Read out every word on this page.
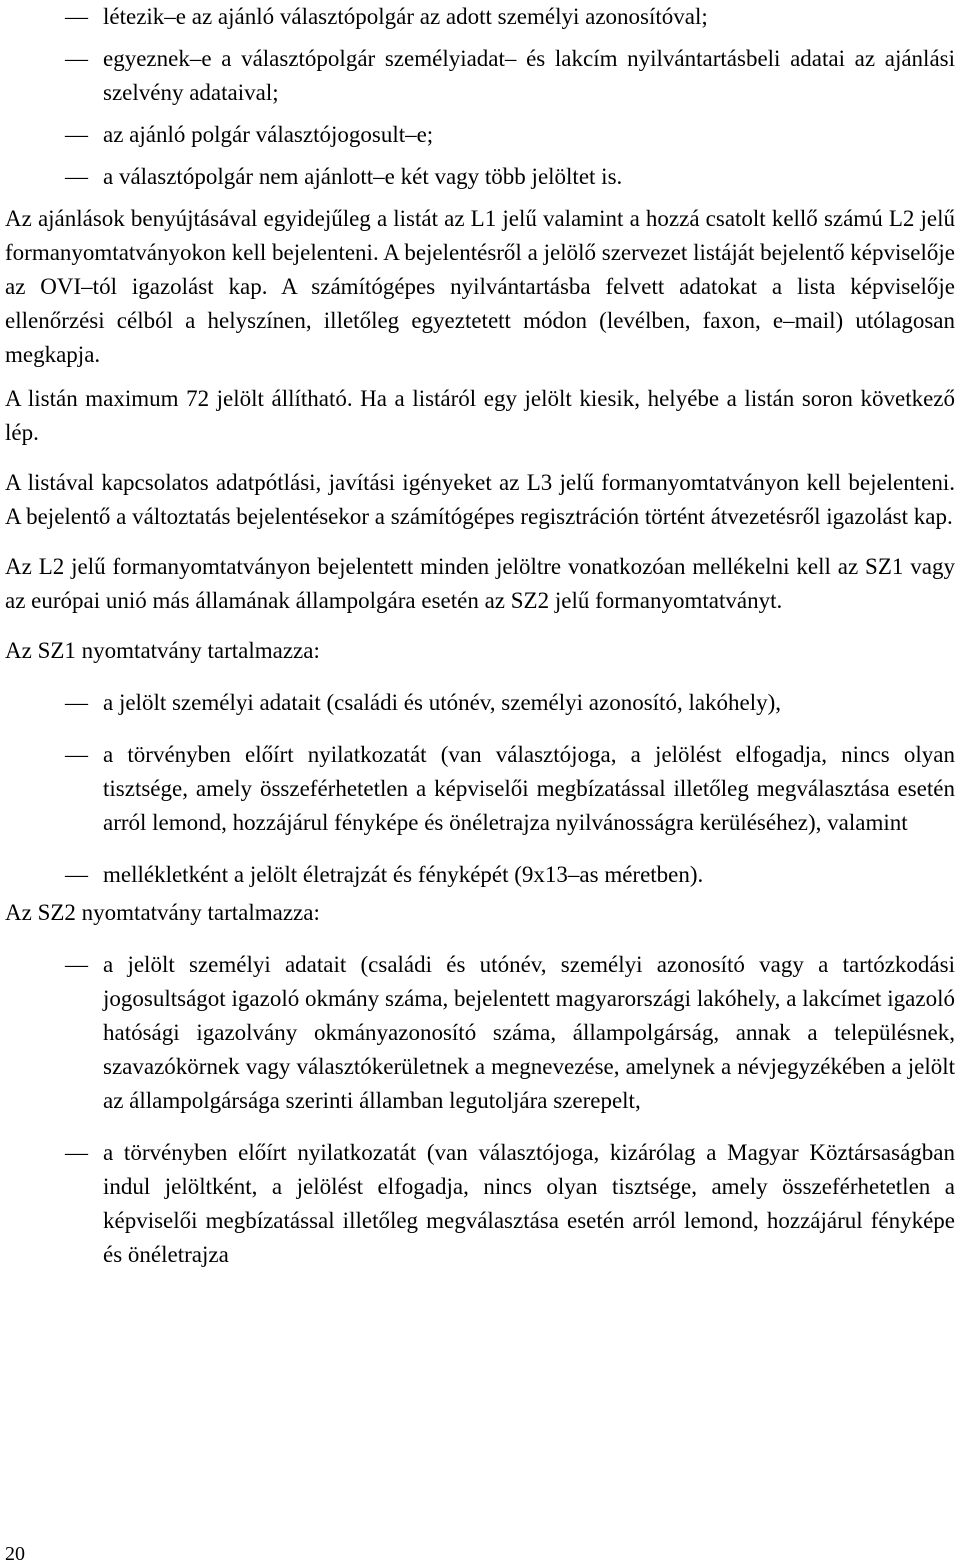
— létezik–e az ajánló választópolgár az adott személyi azonosítóval;
— egyeznek–e a választópolgár személyiadat– és lakcím nyilvántartásbeli adatai az ajánlási szelvény adataival;
— az ajánló polgár választójogosult–e;
— a választópolgár nem ajánlott–e két vagy több jelöltet is.

Az ajánlások benyújtásával egyidejűleg a listát az L1 jelű valamint a hozzá csatolt kellő számú L2 jelű formanyomtatványokon kell bejelenteni. A bejelentésről a jelölő szervezet listáját bejelentő képviselője az OVI–tól igazolást kap. A számítógépes nyilvántartásba felvett adatokat a lista képviselője ellenőrzési célból a helyszínen, illetőleg egyeztetett módon (levélben, faxon, e–mail) utólagosan megkapja.

A listán maximum 72 jelölt állítható. Ha a listáról egy jelölt kiesik, helyébe a listán soron következő lép.

A listával kapcsolatos adatpótlási, javítási igényeket az L3 jelű formanyomtatványon kell bejelenteni. A bejelentő a változtatás bejelentésekor a számítógépes regisztráción történt átvezetésről igazolást kap.

Az L2 jelű formanyomtatványon bejelentett minden jelöltre vonatkozóan mellékelni kell az SZ1 vagy az európai unió más államának állampolgára esetén az SZ2 jelű formanyomtatványt.

Az SZ1 nyomtatvány tartalmazza:

— a jelölt személyi adatait (családi és utónév, személyi azonosító, lakóhely),
— a törvényben előírt nyilatkozatát (van választójoga, a jelölést elfogadja, nincs olyan tisztsége, amely összeférhetetlen a képviselői megbízatással illetőleg megválasztása esetén arról lemond, hozzájárul fényképe és önéletrajza nyilvánosságra kerüléséhez), valamint
— mellékletként a jelölt életrajzát és fényképét (9x13–as méretben).

Az SZ2 nyomtatvány tartalmazza:

— a jelölt személyi adatait (családi és utónév, személyi azonosító vagy a tartózkodási jogosultságot igazoló okmány száma, bejelentett magyarországi lakóhely, a lakcímet igazoló hatósági igazolvány okmányazonosító száma, állampolgárság, annak a településnek, szavazókörnek vagy választókerületnek a megnevezése, amelynek a névjegyzékében a jelölt az állampolgársága szerinti államban legutoljára szerepelt,
— a törvényben előírt nyilatkozatát (van választójoga, kizárólag a Magyar Köztársaságban indul jelöltként, a jelölést elfogadja, nincs olyan tisztsége, amely összeférhetetlen a képviselői megbízatással illetőleg megválasztása esetén arról lemond, hozzájárul fényképe és önéletrajza
20
